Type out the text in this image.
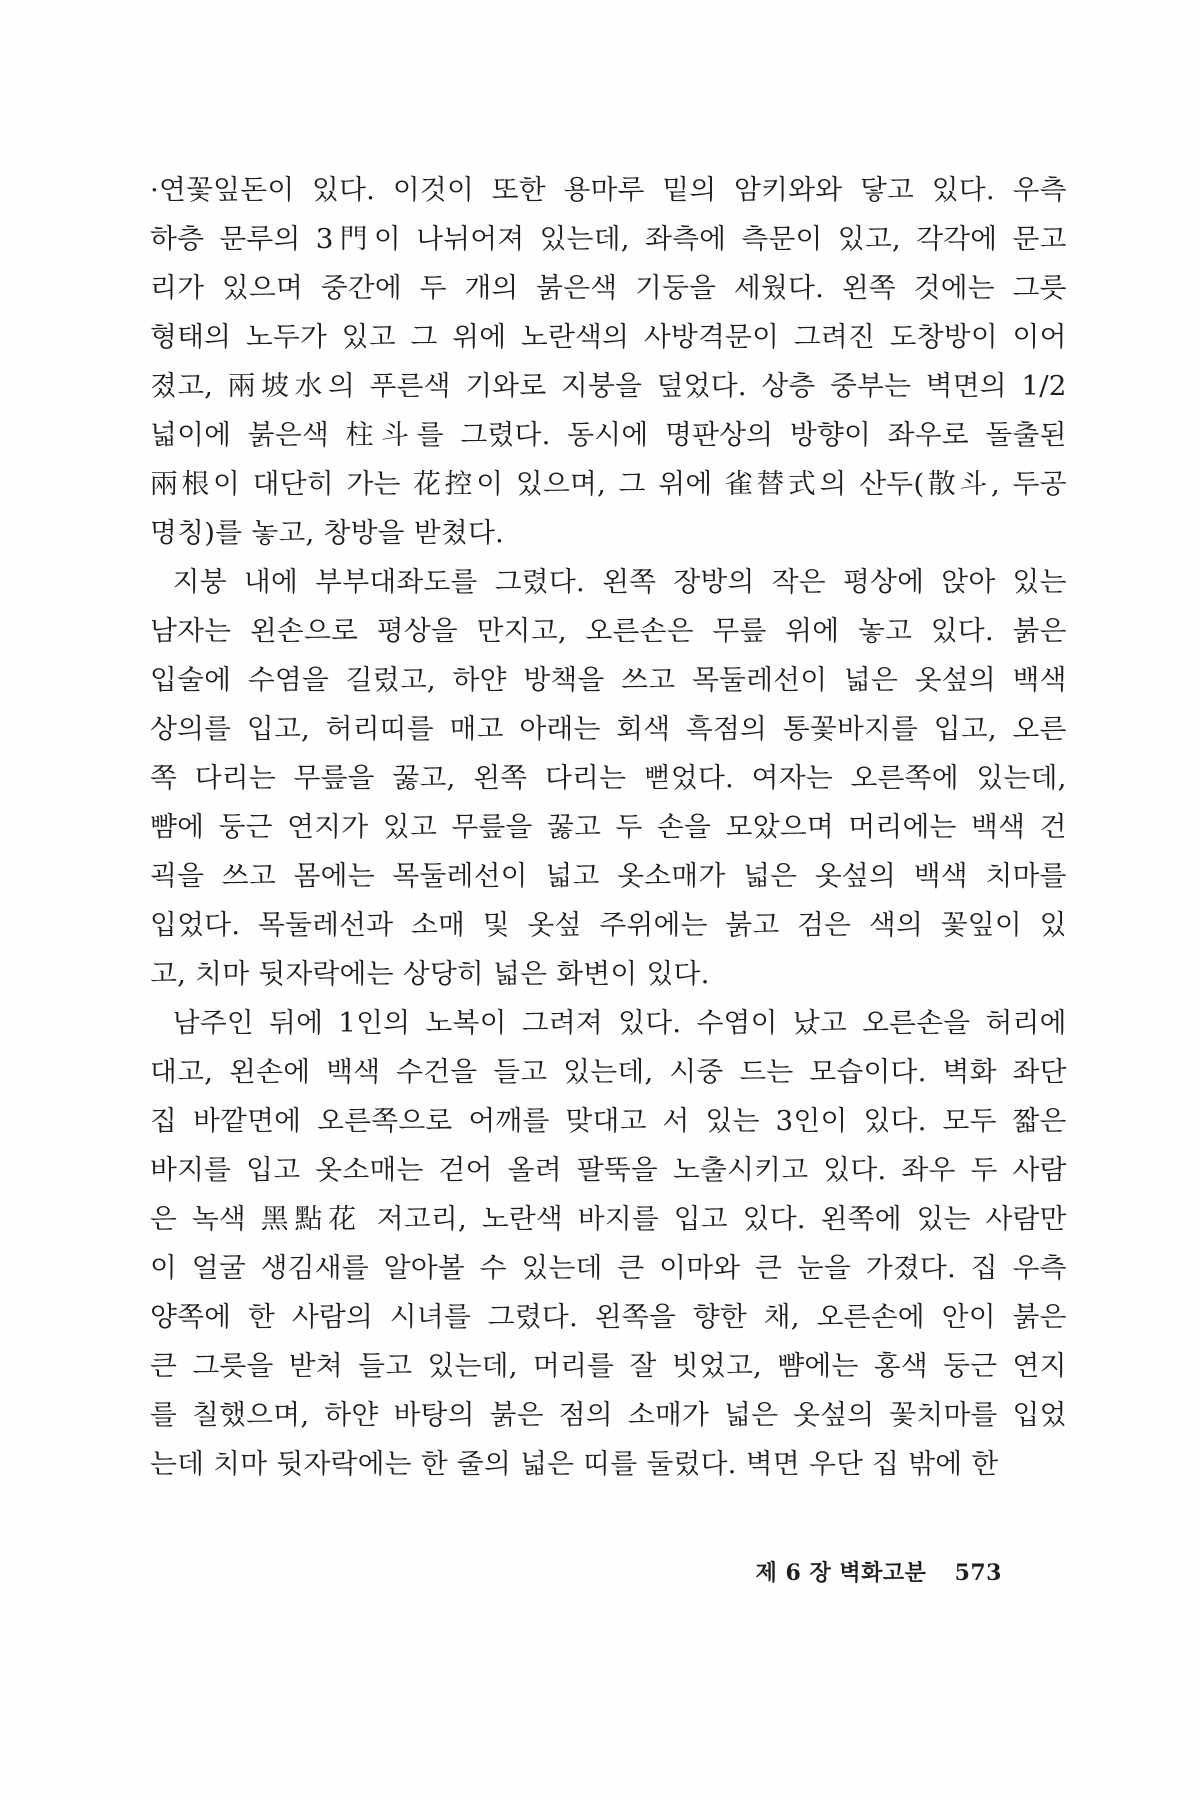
·연꽃잎돈이 있다. 이것이 또한 용마루 밑의 암키와와 닿고 있다. 우측
하층 문루의 3門이 나뉘어져 있는데, 좌측에 측문이 있고, 각각에 문고
리가 있으며 중간에 두 개의 붉은색 기둥을 세웠다. 왼쪽 것에는 그릇
형태의 노두가 있고 그 위에 노란색의 사방격문이 그려진 도창방이 이어
졌고, 兩坡水의 푸른색 기와로 지붕을 덮었다. 상층 중부는 벽면의 1/2
넓이에 붉은색 柱斗를 그렸다. 동시에 명판상의 방향이 좌우로 돌출된
兩根이 대단히 가는 花控이 있으며, 그 위에 雀替式의 산두(散斗, 두공
명칭)를 놓고, 창방을 받쳤다.
지붕 내에 부부대좌도를 그렸다. 왼쪽 장방의 작은 평상에 앉아 있는
남자는 왼손으로 평상을 만지고, 오른손은 무릎 위에 놓고 있다. 붉은
입술에 수염을 길렀고, 하얀 방책을 쓰고 목둘레선이 넓은 옷섶의 백색
상의를 입고, 허리띠를 매고 아래는 회색 흑점의 통꽃바지를 입고, 오른
쪽 다리는 무릎을 꿇고, 왼쪽 다리는 뻗었다. 여자는 오른쪽에 있는데,
뺨에 둥근 연지가 있고 무릎을 꿇고 두 손을 모았으며 머리에는 백색 건
괵을 쓰고 몸에는 목둘레선이 넓고 옷소매가 넓은 옷섶의 백색 치마를
입었다. 목둘레선과 소매 및 옷섶 주위에는 붉고 검은 색의 꽃잎이 있
고, 치마 뒷자락에는 상당히 넓은 화변이 있다.
남주인 뒤에 1인의 노복이 그려져 있다. 수염이 났고 오른손을 허리에
대고, 왼손에 백색 수건을 들고 있는데, 시중 드는 모습이다. 벽화 좌단
집 바깥면에 오른쪽으로 어깨를 맞대고 서 있는 3인이 있다. 모두 짧은
바지를 입고 옷소매는 걷어 올려 팔뚝을 노출시키고 있다. 좌우 두 사람
은 녹색 黑點花 저고리, 노란색 바지를 입고 있다. 왼쪽에 있는 사람만
이 얼굴 생김새를 알아볼 수 있는데 큰 이마와 큰 눈을 가졌다. 집 우측
양쪽에 한 사람의 시녀를 그렸다. 왼쪽을 향한 채, 오른손에 안이 붉은
큰 그릇을 받쳐 들고 있는데, 머리를 잘 빗었고, 뺨에는 홍색 둥근 연지
를 칠했으며, 하얀 바탕의 붉은 점의 소매가 넓은 옷섶의 꽃치마를 입었
는데 치마 뒷자락에는 한 줄의 넓은 띠를 둘렀다. 벽면 우단 집 밖에 한
제 6 장 벽화고분 573
